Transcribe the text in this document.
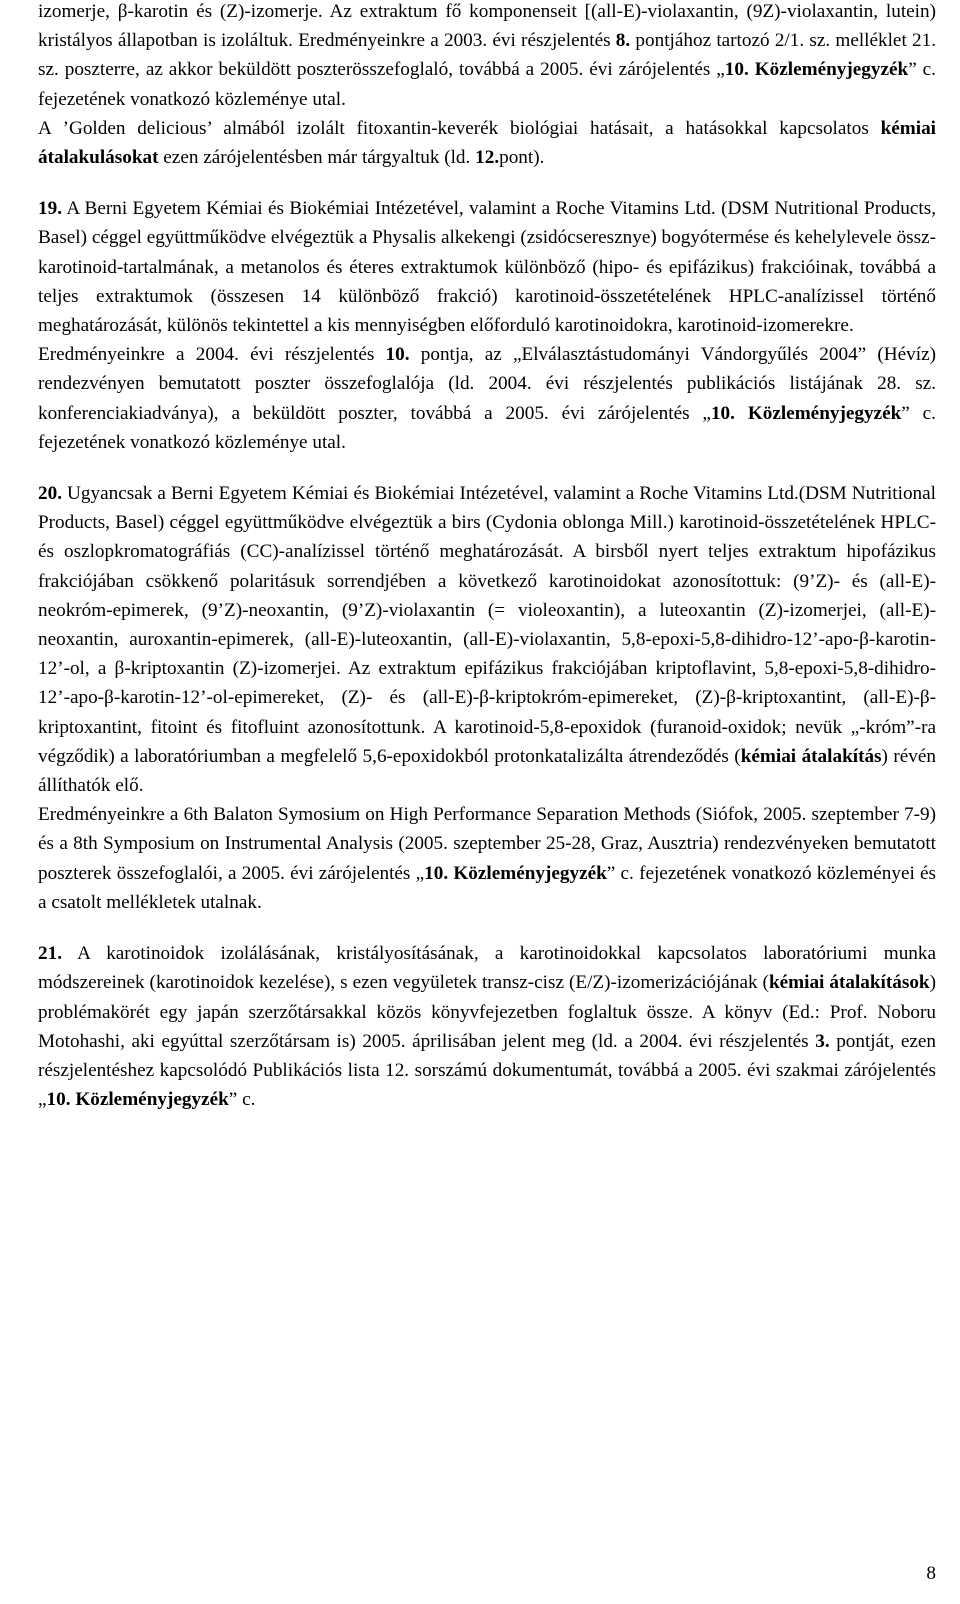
izomerje, β-karotin és (Z)-izomerje. Az extraktum fő komponenseit [(all-E)-violaxantin, (9Z)-violaxantin, lutein) kristályos állapotban is izoláltuk. Eredményeinkre a 2003. évi részjelentés 8. pontjához tartozó 2/1. sz. melléklet 21. sz. poszterre, az akkor beküldött poszterösszefoglaló, továbbá a 2005. évi zárójelentés „10. Közleményjegyzék” c. fejezetének vonatkozó közleménye utal.

A ’Golden delicious’ almából izolált fitoxantin-keverék biológiai hatásait, a hatásokkal kapcsolatos kémiai átalakulásokat ezen zárójelentésben már tárgyaltuk (ld. 12.pont).

19. A Berni Egyetem Kémiai és Biokémiai Intézetével, valamint a Roche Vitamins Ltd. (DSM Nutritional Products, Basel) céggel együttműködve elvégeztük a Physalis alkekengi (zsidócseresznye) bogyótermése és kehelylevele össz-karotinoid-tartalmának, a metanolos és éteres extraktumok különböző (hipo- és epifázikus) frakcióinak, továbbá a teljes extraktumok (összesen 14 különböző frakció) karotinoid-összetételének HPLC-analízissel történő meghatározását, különös tekintettel a kis mennyiségben előforduló karotinoidokra, karotinoid-izomerekre.

Eredményeinkre a 2004. évi részjelentés 10. pontja, az „Elválasztástudományi Vándorgyűlés 2004” (Hévíz) rendezvényen bemutatott poszter összefoglalója (ld. 2004. évi részjelentés publikációs listájának 28. sz. konferenciakiadványa), a beküldött poszter, továbbá a 2005. évi zárójelentés „10. Közleményjegyzék” c. fejezetének vonatkozó közleménye utal.

20. Ugyancsak a Berni Egyetem Kémiai és Biokémiai Intézetével, valamint a Roche Vitamins Ltd.(DSM Nutritional Products, Basel) céggel együttműködve elvégeztük a birs (Cydonia oblonga Mill.) karotinoid-összetételének HPLC- és oszlopkromatográfiás (CC)-analízissel történő meghatározását. A birsből nyert teljes extraktum hipofázikus frakciójában csökkenő polaritásuk sorrendjében a következő karotinoidokat azonosítottuk: (9’Z)- és (all-E)-neokróm-epimerek, (9’Z)-neoxantin, (9’Z)-violaxantin (= violeoxantin), a luteoxantin (Z)-izomerjei, (all-E)-neoxantin, auroxantin-epimerek, (all-E)-luteoxantin, (all-E)-violaxantin, 5,8-epoxi-5,8-dihidro-12’-apo-β-karotin-12’-ol, a β-kriptoxantin (Z)-izomerjei. Az extraktum epifázikus frakciójában kriptoflavint, 5,8-epoxi-5,8-dihidro-12’-apo-β-karotin-12’-ol-epimereket, (Z)- és (all-E)-β-kriptokróm-epimereket, (Z)-β-kriptoxantint, (all-E)-β-kriptoxantint, fitoint és fitofluint azonosítottunk. A karotinoid-5,8-epoxidok (furanoid-oxidok; nevük „-króm”-ra végződik) a laboratóriumban a megfelelő 5,6-epoxidokból protonkatalizálta átrendeződés (kémiai átalakítás) révén állíthatók elő.

Eredményeinkre a 6th Balaton Symosium on High Performance Separation Methods (Siófok, 2005. szeptember 7-9) és a 8th Symposium on Instrumental Analysis (2005. szeptember 25-28, Graz, Ausztria) rendezvényeken bemutatott poszterek összefoglalói, a 2005. évi zárójelentés „10. Közleményjegyzék” c. fejezetének vonatkozó közleményei és a csatolt mellékletek utalnak.

21. A karotinoidok izolálásának, kristályosításának, a karotinoidokkal kapcsolatos laboratóriumi munka módszereinek (karotinoidok kezelése), s ezen vegyületek transz-cisz (E/Z)-izomerizációjának (kémiai átalakítások) problémakörét egy japán szerzőtársakkal közös könyvfejezetben foglaltuk össze. A könyv (Ed.: Prof. Noboru Motohashi, aki egyúttal szerzőtársam is) 2005. áprilisában jelent meg (ld. a 2004. évi részjelentés 3. pontját, ezen részjelentéshez kapcsolódó Publikációs lista 12. sorszámú dokumentumát, továbbá a 2005. évi szakmai zárójelentés „10. Közleményjegyzék” c.

8
